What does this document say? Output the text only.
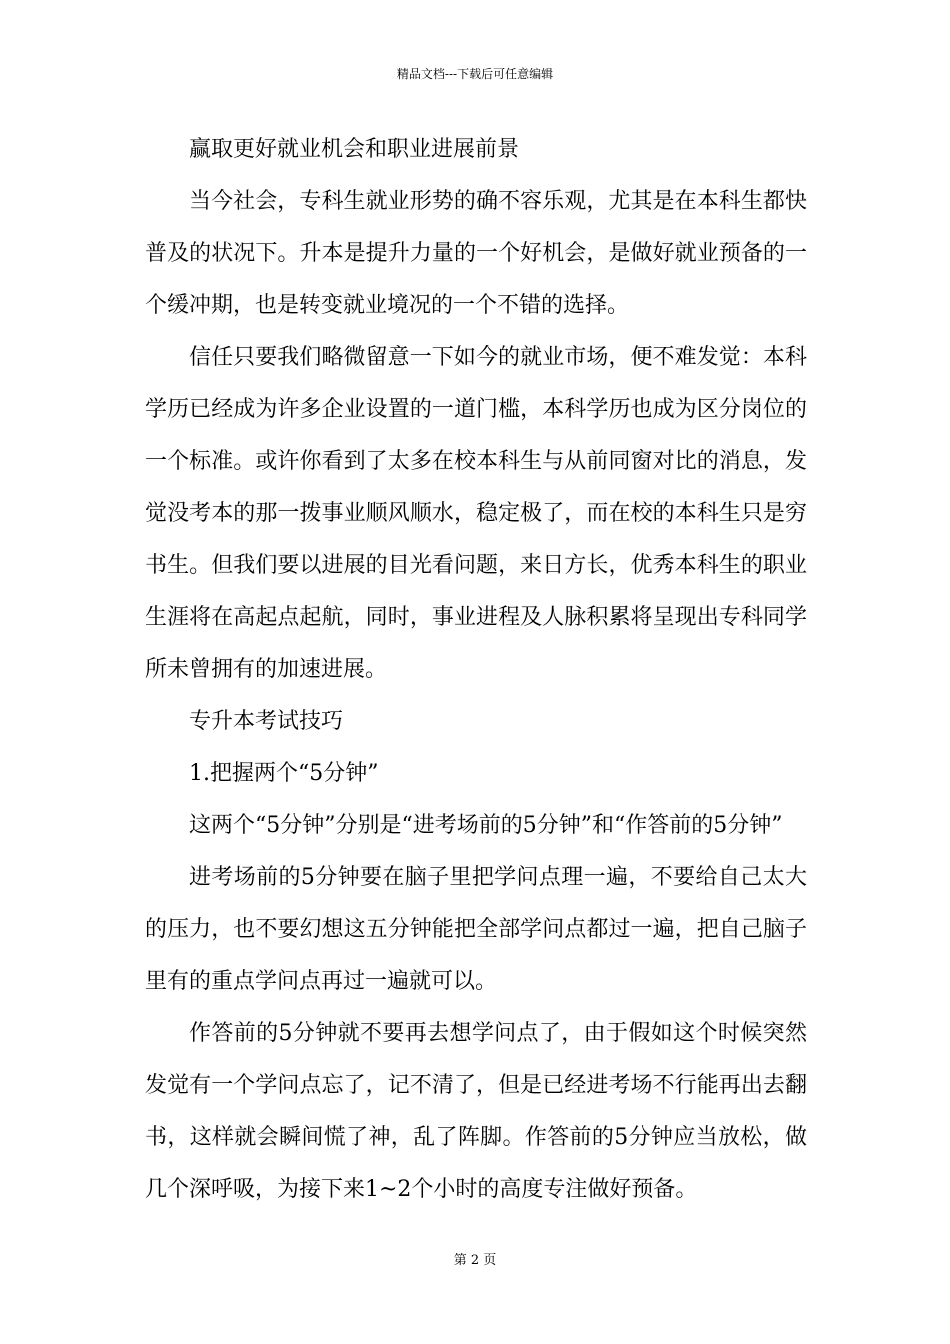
精品文档---下载后可任意编辑

赢取更好就业机会和职业进展前景

当今社会，专科生就业形势的确不容乐观，尤其是在本科生都快普及的状况下。升本是提升力量的一个好机会，是做好就业预备的一个缓冲期，也是转变就业境况的一个不错的选择。

信任只要我们略微留意一下如今的就业市场，便不难发觉：本科学历已经成为许多企业设置的一道门槛，本科学历也成为区分岗位的一个标准。或许你看到了太多在校本科生与从前同窗对比的消息，发觉没考本的那一拨事业顺风顺水，稳定极了，而在校的本科生只是穷书生。但我们要以进展的目光看问题，来日方长，优秀本科生的职业生涯将在高起点起航，同时，事业进程及人脉积累将呈现出专科同学所未曾拥有的加速进展。

专升本考试技巧

1.把握两个“5分钟”

这两个“5分钟”分别是“进考场前的5分钟”和“作答前的5分钟”

进考场前的5分钟要在脑子里把学问点理一遍，不要给自己太大的压力，也不要幻想这五分钟能把全部学问点都过一遍，把自己脑子里有的重点学问点再过一遍就可以。

作答前的5分钟就不要再去想学问点了，由于假如这个时候突然发觉有一个学问点忘了，记不清了，但是已经进考场不行能再出去翻书，这样就会瞬间慌了神，乱了阵脚。作答前的5分钟应当放松，做几个深呼吸，为接下来1~2个小时的高度专注做好预备。

第 2 页
